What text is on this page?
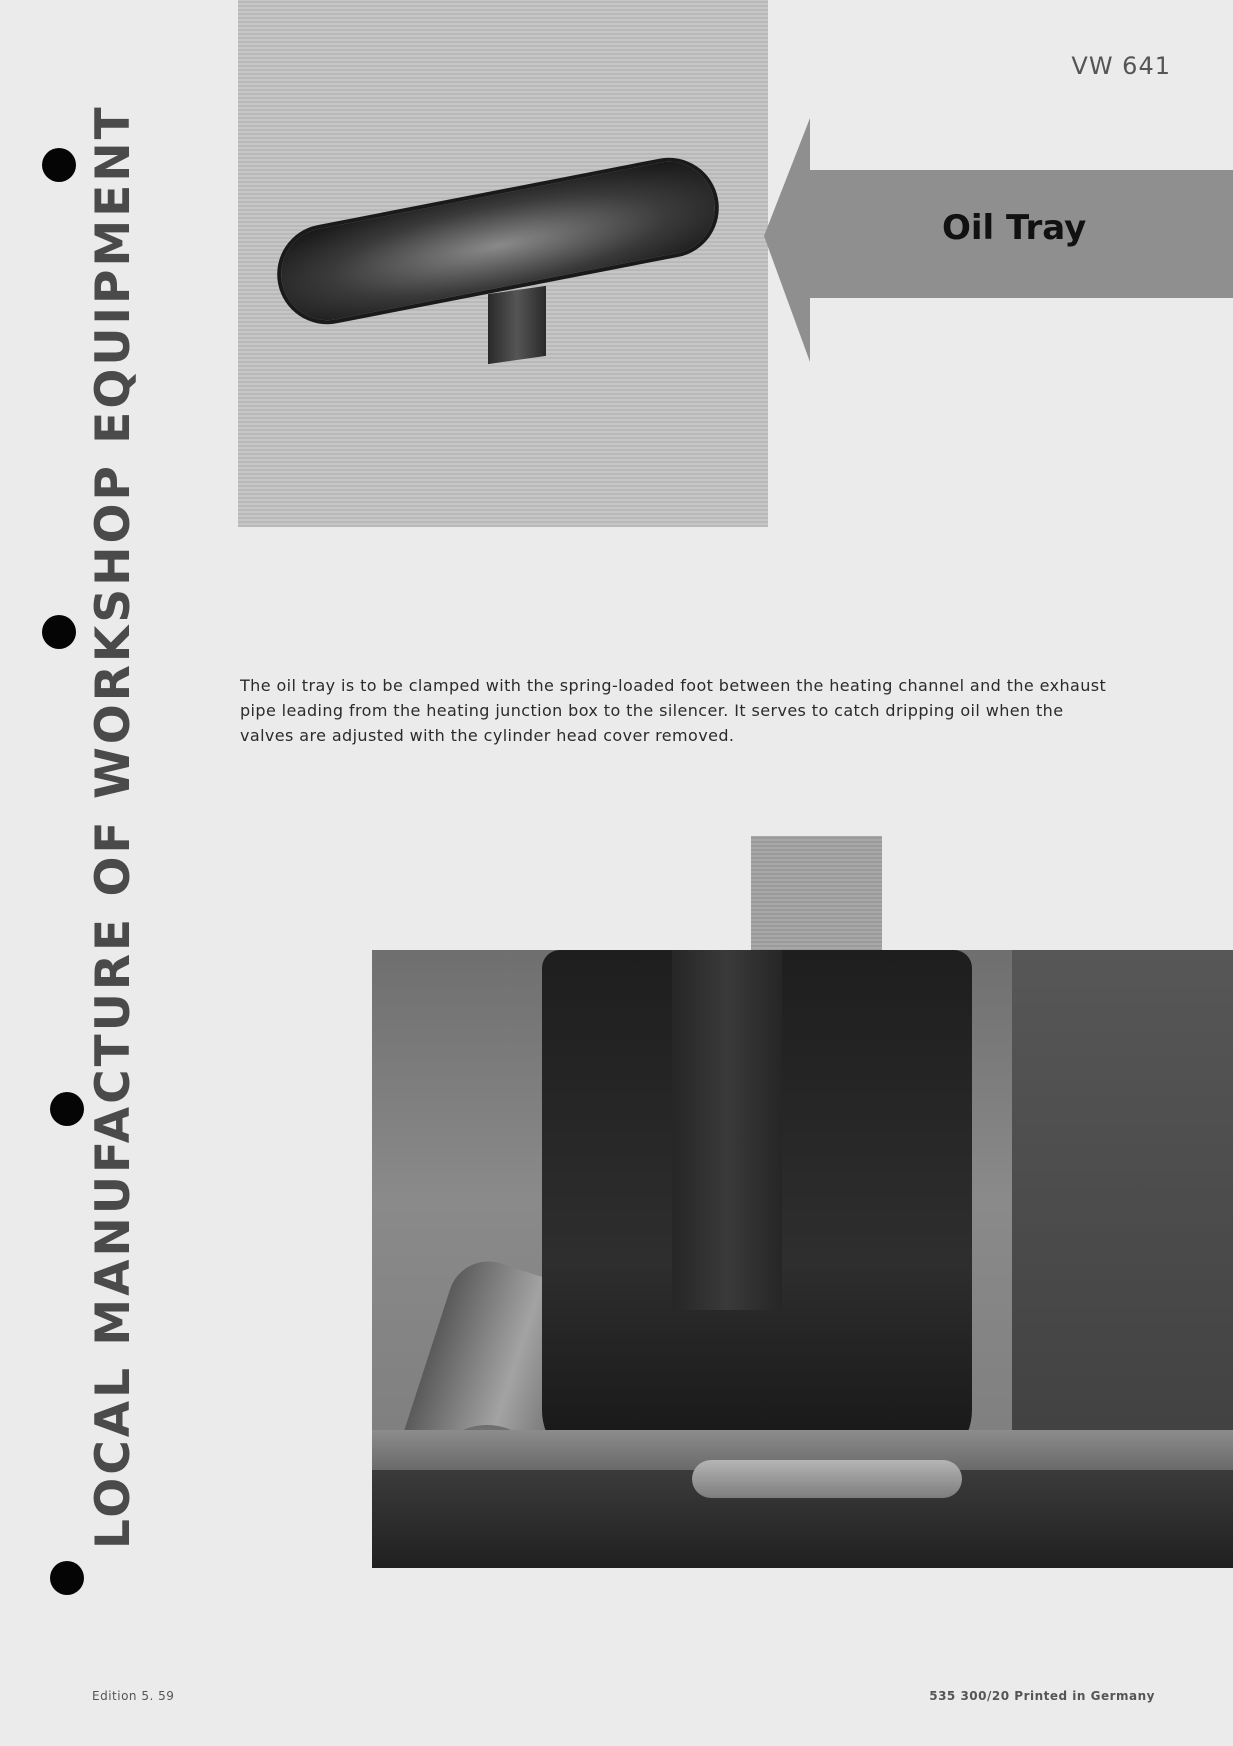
VW 641
LOCAL MANUFACTURE OF WORKSHOP EQUIPMENT	Oil Tray
The oil tray is to be clamped with the spring-loaded foot between the heating channel and the exhaust pipe leading from the heating junction box to the silencer. It serves to catch dripping oil when the valves are adjusted with the cylinder head cover removed.
Edition 5. 59	535 300/20 Printed in Germany
